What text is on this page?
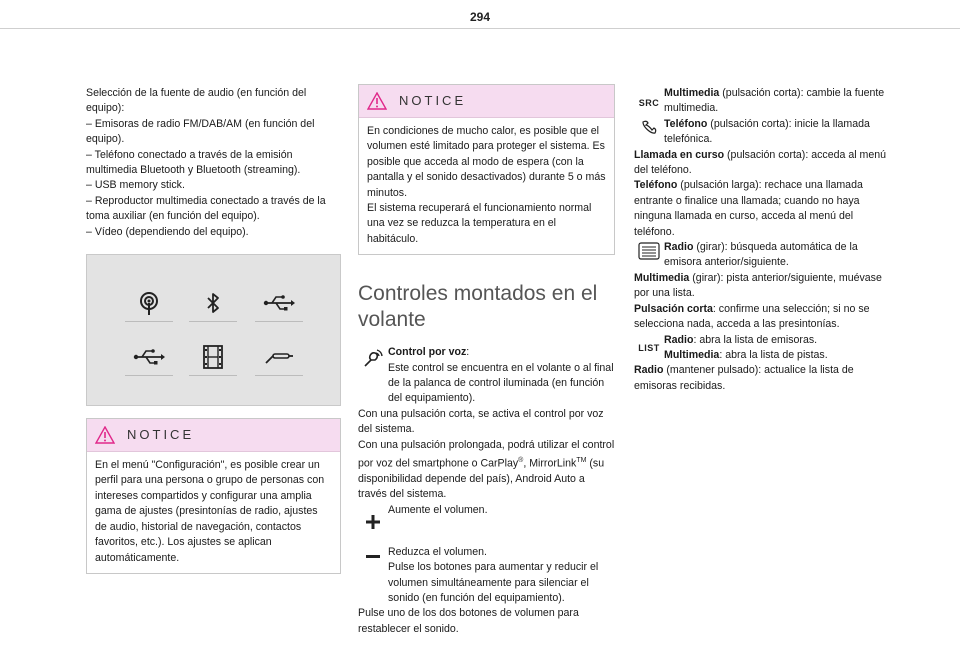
294

Selección de la fuente de audio (en función del equipo):

– Emisoras de radio FM/DAB/AM (en función del equipo).
– Teléfono conectado a través de la emisión multimedia Bluetooth y Bluetooth (streaming).
– USB memory stick.
– Reproductor multimedia conectado a través de la toma auxiliar (en función del equipo).
– Vídeo (dependiendo del equipo).
NOTICE
En el menú "Configuración", es posible crear un perfil para una persona o grupo de personas con intereses compartidos y configurar una amplia gama de ajustes (presintonías de radio, ajustes de audio, historial de navegación, contactos favoritos, etc.). Los ajustes se aplican automáticamente.
NOTICE

En condiciones de mucho calor, es posible que el volumen esté limitado para proteger el sistema. Es posible que acceda al modo de espera (con la pantalla y el sonido desactivados) durante 5 o más minutos.

El sistema recuperará el funcionamiento normal una vez se reduzca la temperatura en el habitáculo.

Controles montados en el volante
Control por voz:
Este control se encuentra en el volante o al final de la palanca de control iluminada (en función del equipamiento).

Con una pulsación corta, se activa el control por voz del sistema.

Con una pulsación prolongada, podrá utilizar el control por voz del smartphone o CarPlay®, MirrorLink™ (su disponibilidad depende del país), Android Auto a través del sistema.

Aumente el volumen.
Reduzca el volumen.
Pulse los botones para aumentar y reducir el volumen simultáneamente para silenciar el sonido (en función del equipamiento).

Pulse uno de los dos botones de volumen para restablecer el sonido.

SRC
Multimedia (pulsación corta): cambie la fuente multimedia.
Teléfono (pulsación corta): inicie la llamada telefónica.

Llamada en curso (pulsación corta): acceda al menú del teléfono.

Teléfono (pulsación larga): rechace una llamada entrante o finalice una llamada; cuando no haya ninguna llamada en curso, acceda al menú del teléfono.

Radio (girar): búsqueda automática de la emisora anterior/siguiente.

Multimedia (girar): pista anterior/siguiente, muévase por una lista.

Pulsación corta: confirme una selección; si no se selecciona nada, acceda a las presintonías.

LIST
Radio: abra la lista de emisoras.
Multimedia: abra la lista de pistas.

Radio (mantener pulsado): actualice la lista de emisoras recibidas.
